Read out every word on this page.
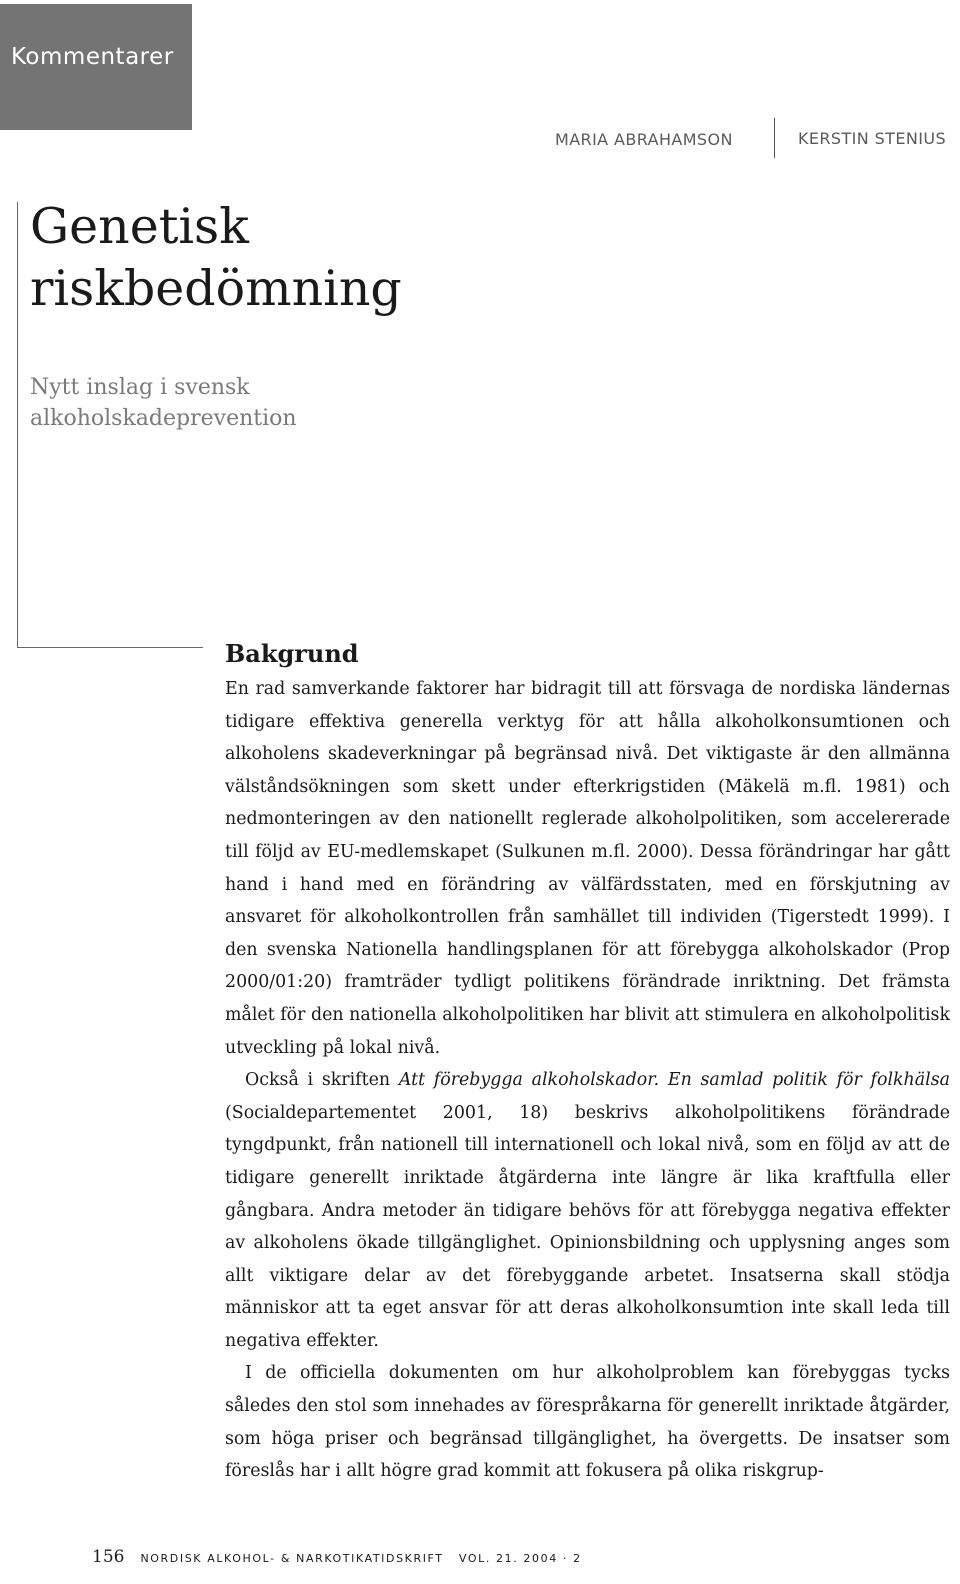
Kommentarer
MARIA ABRAHAMSON	KERSTIN STENIUS
Genetisk riskbedömning
Nytt inslag i svensk alkoholskadeprevention
Bakgrund

En rad samverkande faktorer har bidragit till att försvaga de nordiska ländernas tidigare effektiva generella verktyg för att hålla alkoholkonsumtionen och alkoholens skadeverkningar på begränsad nivå. Det viktigaste är den allmänna välståndsökningen som skett under efterkrigstiden (Mäkelä m.fl. 1981) och nedmonteringen av den nationellt reglerade alkoholpolitiken, som accelererade till följd av EU-medlemskapet (Sulkunen m.fl. 2000). Dessa förändringar har gått hand i hand med en förändring av välfärdsstaten, med en förskjutning av ansvaret för alkoholkontrollen från samhället till individen (Tigerstedt 1999). I den svenska Nationella handlingsplanen för att förebygga alkoholskador (Prop 2000/01:20) framträder tydligt politikens förändrade inriktning. Det främsta målet för den nationella alkoholpolitiken har blivit att stimulera en alkoholpolitisk utveckling på lokal nivå.

Också i skriften Att förebygga alkoholskador. En samlad politik för folkhälsa (Socialdepartementet 2001, 18) beskrivs alkoholpolitikens förändrade tyngdpunkt, från nationell till internationell och lokal nivå, som en följd av att de tidigare generellt inriktade åtgärderna inte längre är lika kraftfulla eller gångbara. Andra metoder än tidigare behövs för att förebygga negativa effekter av alkoholens ökade tillgänglighet. Opinionsbildning och upplysning anges som allt viktigare delar av det förebyggande arbetet. Insatserna skall stödja människor att ta eget ansvar för att deras alkoholkonsumtion inte skall leda till negativa effekter.

I de officiella dokumenten om hur alkoholproblem kan förebyggas tycks således den stol som innehades av förespråkarna för generellt inriktade åtgärder, som höga priser och begränsad tillgänglighet, ha övergetts. De insatser som föreslås har i allt högre grad kommit att fokusera på olika riskgrup-

156 NORDISK ALKOHOL- & NARKOTIKATIDSKRIFT   VOL. 21. 2004 · 2
